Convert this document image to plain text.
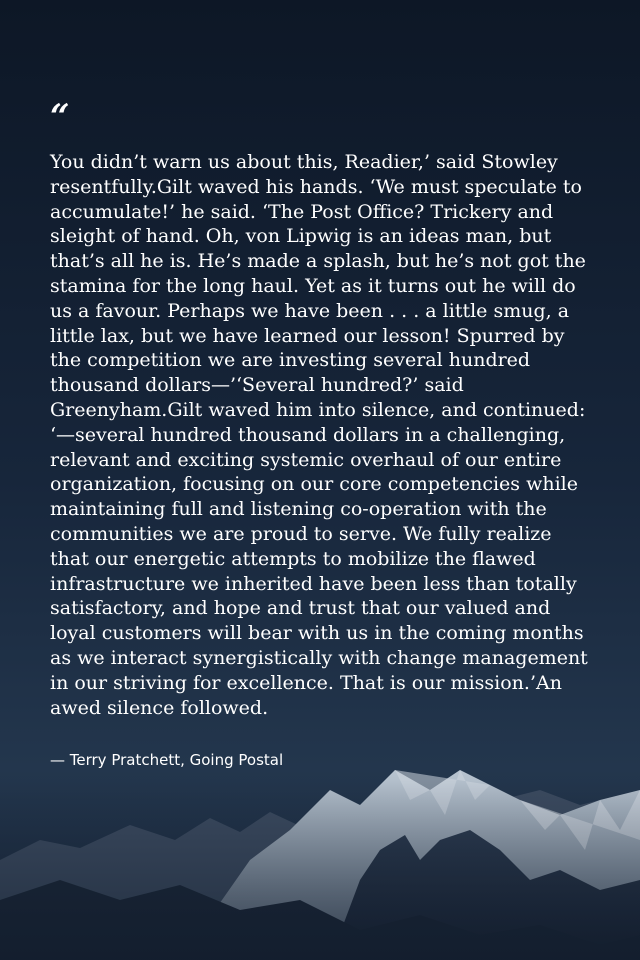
“

You didn’t warn us about this, Readier,’ said Stowley resentfully.Gilt waved his hands. ‘We must speculate to accumulate!’ he said. ‘The Post Office? Trickery and sleight of hand. Oh, von Lipwig is an ideas man, but that’s all he is. He’s made a splash, but he’s not got the stamina for the long haul. Yet as it turns out he will do us a favour. Perhaps we have been . . . a little smug, a little lax, but we have learned our lesson! Spurred by the competition we are investing several hundred thousand dollars—’‘Several hundred?’ said Greenyham.Gilt waved him into silence, and continued: ‘—several hundred thousand dollars in a challenging, relevant and exciting systemic overhaul of our entire organization, focusing on our core competencies while maintaining full and listening co-operation with the communities we are proud to serve. We fully realize that our energetic attempts to mobilize the flawed infrastructure we inherited have been less than totally satisfactory, and hope and trust that our valued and loyal customers will bear with us in the coming months as we interact synergistically with change management in our striving for excellence. That is our mission.’An awed silence followed.

— Terry Pratchett, Going Postal
